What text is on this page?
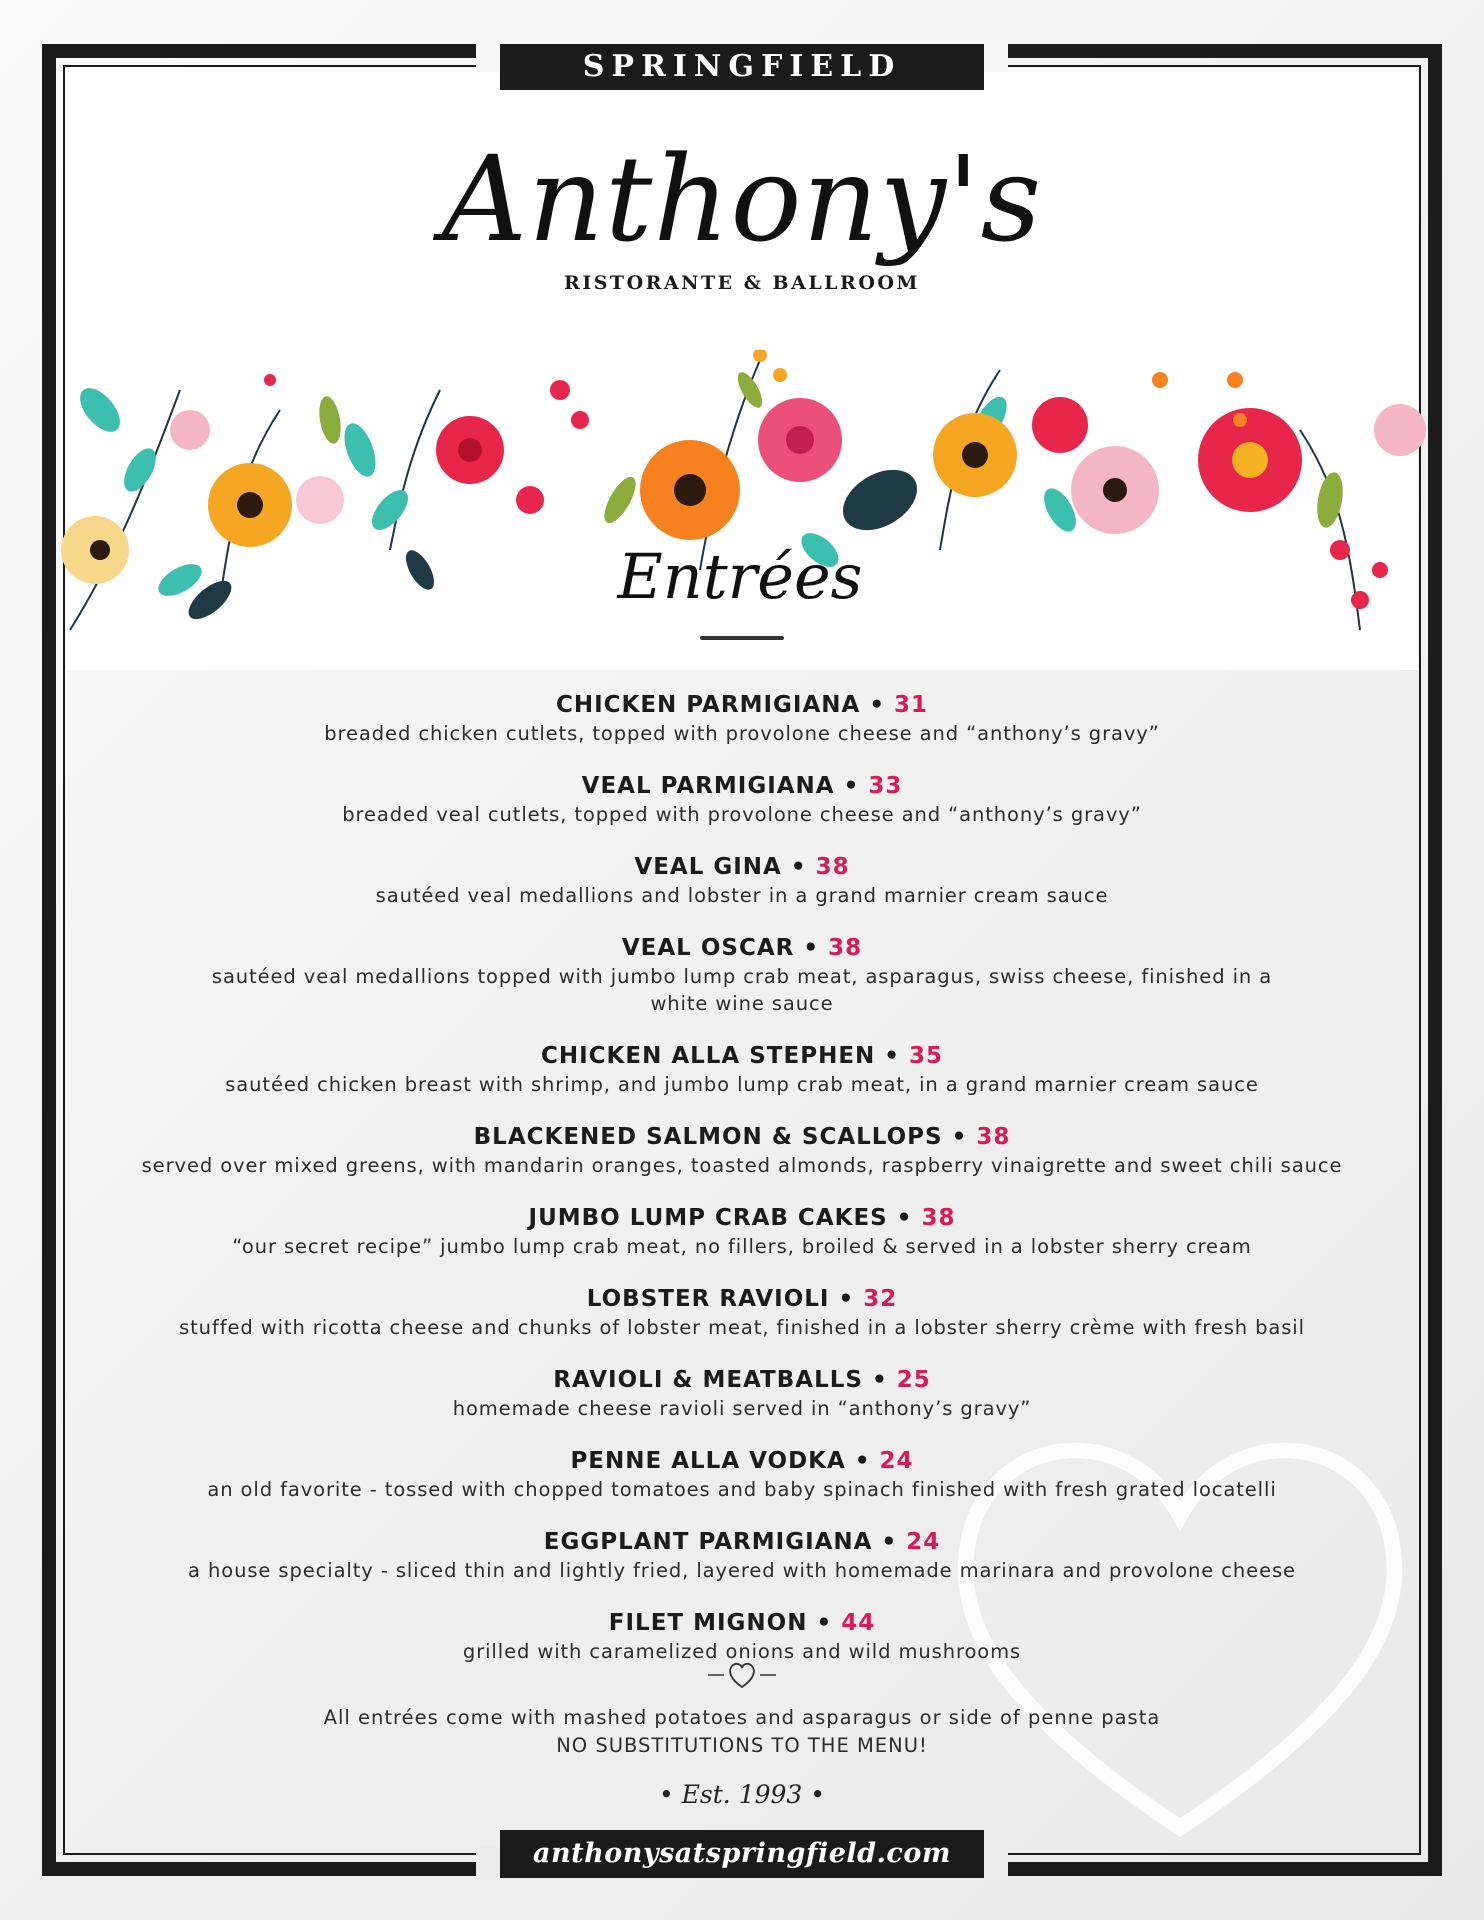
SPRINGFIELD
Anthony's
RISTORANTE & BALLROOM
Entrées
CHICKEN PARMIGIANA • 31
breaded chicken cutlets, topped with provolone cheese and “anthony’s gravy”
VEAL PARMIGIANA • 33
breaded veal cutlets, topped with provolone cheese and “anthony’s gravy”
VEAL GINA • 38
sautéed veal medallions and lobster in a grand marnier cream sauce
VEAL OSCAR • 38
sautéed veal medallions topped with jumbo lump crab meat, asparagus, swiss cheese, finished in a white wine sauce
CHICKEN ALLA STEPHEN • 35
sautéed chicken breast with shrimp, and jumbo lump crab meat, in a grand marnier cream sauce
BLACKENED SALMON & SCALLOPS • 38
served over mixed greens, with mandarin oranges, toasted almonds, raspberry vinaigrette and sweet chili sauce
JUMBO LUMP CRAB CAKES • 38
“our secret recipe” jumbo lump crab meat, no fillers, broiled & served in a lobster sherry cream
LOBSTER RAVIOLI • 32
stuffed with ricotta cheese and chunks of lobster meat, finished in a lobster sherry crème with fresh basil
RAVIOLI & MEATBALLS • 25
homemade cheese ravioli served in “anthony’s gravy”
PENNE ALLA VODKA • 24
an old favorite - tossed with chopped tomatoes and baby spinach finished with fresh grated locatelli
EGGPLANT PARMIGIANA • 24
a house specialty - sliced thin and lightly fried, layered with homemade marinara and provolone cheese
FILET MIGNON • 44
grilled with caramelized onions and wild mushrooms
All entrées come with mashed potatoes and asparagus or side of penne pasta
NO SUBSTITUTIONS TO THE MENU!
• Est. 1993 •
anthonysatspringfield.com
